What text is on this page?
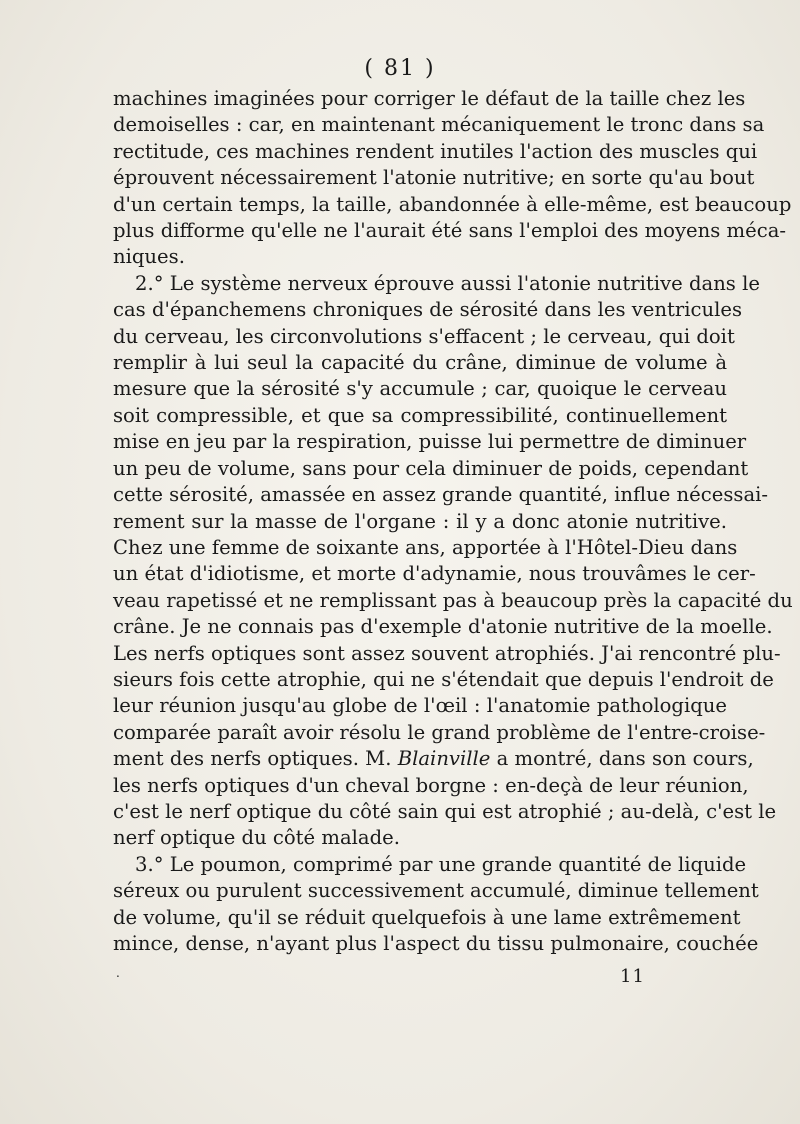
( 81 )
machines imaginées pour corriger le défaut de la taille chez les
demoiselles : car, en maintenant mécaniquement le tronc dans sa
rectitude, ces machines rendent inutiles l'action des muscles qui
éprouvent nécessairement l'atonie nutritive; en sorte qu'au bout
d'un certain temps, la taille, abandonnée à elle-même, est beaucoup
plus difforme qu'elle ne l'aurait été sans l'emploi des moyens méca-
niques.
2.° Le système nerveux éprouve aussi l'atonie nutritive dans le
cas d'épanchemens chroniques de sérosité dans les ventricules
du cerveau, les circonvolutions s'effacent ; le cerveau, qui doit
remplir à lui seul la capacité du crâne, diminue de volume à
mesure que la sérosité s'y accumule ; car, quoique le cerveau
soit compressible, et que sa compressibilité, continuellement
mise en jeu par la respiration, puisse lui permettre de diminuer
un peu de volume, sans pour cela diminuer de poids, cependant
cette sérosité, amassée en assez grande quantité, influe nécessai-
rement sur la masse de l'organe : il y a donc atonie nutritive.
Chez une femme de soixante ans, apportée à l'Hôtel-Dieu dans
un état d'idiotisme, et morte d'adynamie, nous trouvâmes le cer-
veau rapetissé et ne remplissant pas à beaucoup près la capacité du
crâne. Je ne connais pas d'exemple d'atonie nutritive de la moelle.
Les nerfs optiques sont assez souvent atrophiés. J'ai rencontré plu-
sieurs fois cette atrophie, qui ne s'étendait que depuis l'endroit de
leur réunion jusqu'au globe de l'œil : l'anatomie pathologique
comparée paraît avoir résolu le grand problème de l'entre-croise-
ment des nerfs optiques. M. Blainville a montré, dans son cours,
les nerfs optiques d'un cheval borgne : en-deçà de leur réunion,
c'est le nerf optique du côté sain qui est atrophié ; au-delà, c'est le
nerf optique du côté malade.
3.° Le poumon, comprimé par une grande quantité de liquide
séreux ou purulent successivement accumulé, diminue tellement
de volume, qu'il se réduit quelquefois à une lame extrêmement
mince, dense, n'ayant plus l'aspect du tissu pulmonaire, couchée
.	11
